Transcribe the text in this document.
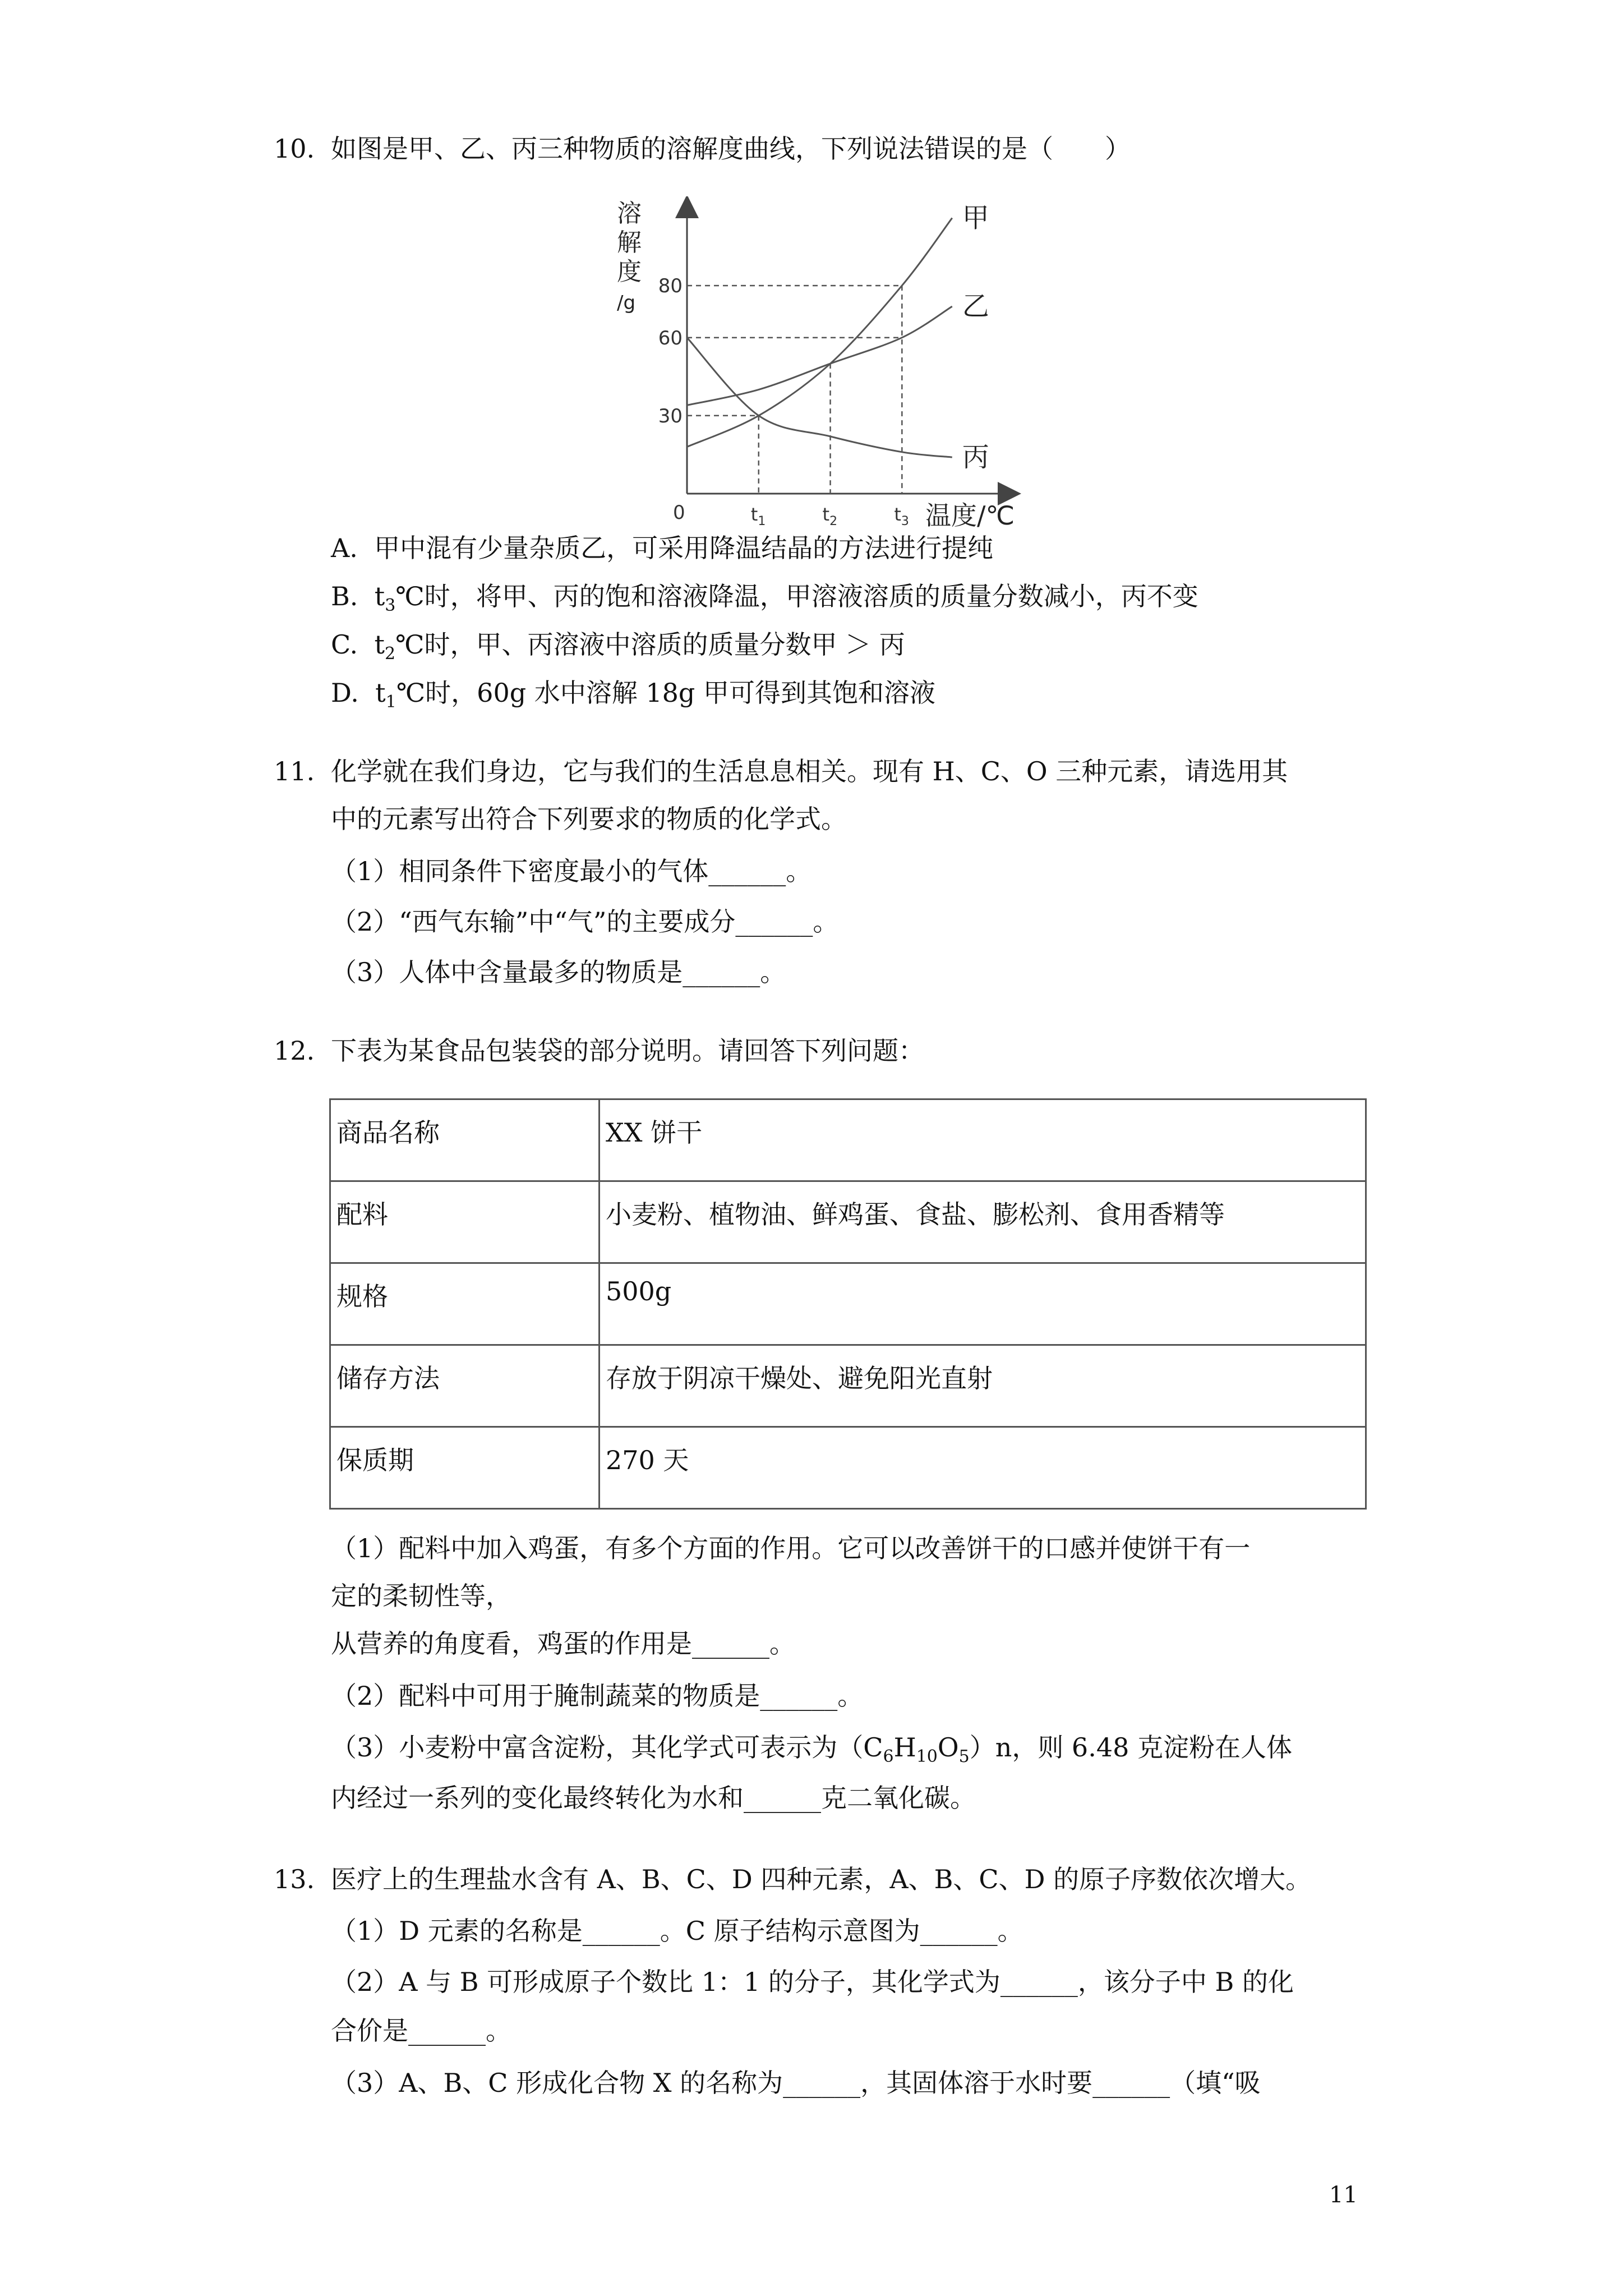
10. 如图是甲、乙、丙三种物质的溶解度曲线，下列说法错误的是（　　）
溶
解
度
/g
甲
乙
丙
30
60
80
$t_1$	$t_2$	$t_3$
0	温度/℃
A. 甲中混有少量杂质乙，可采用降温结晶的方法进行提纯
B. $t_3℃$时，将甲、丙的饱和溶液降温，甲溶液溶质的质量分数减小，丙不变
C. $t_2℃$时，甲、丙溶液中溶质的质量分数甲 ＞ 丙
D. $t_1℃$时，60g 水中溶解 18g 甲可得到其饱和溶液
11. 化学就在我们身边，它与我们的生活息息相关。现有 H、C、O 三种元素，请选用其
中的元素写出符合下列要求的物质的化学式。
（1）相同条件下密度最小的气体______。
（2）“西气东输”中“气”的主要成分______。
（3）人体中含量最多的物质是______。
12. 下表为某食品包装袋的部分说明。请回答下列问题：
商品名称	XX 饼干
配料	小麦粉、植物油、鲜鸡蛋、食盐、膨松剂、食用香精等
规格	500g
储存方法	存放于阴凉干燥处、避免阳光直射
保质期	270 天
（1）配料中加入鸡蛋，有多个方面的作用。它可以改善饼干的口感并使饼干有一
定的柔韧性等，
从营养的角度看，鸡蛋的作用是______。
（2）配料中可用于腌制蔬菜的物质是______。
（3）小麦粉中富含淀粉，其化学式可表示为$(C_6H_{10}O_5)n$，则 6.48 克淀粉在人体
内经过一系列的变化最终转化为水和______克二氧化碳。
13. 医疗上的生理盐水含有 A、B、C、D 四种元素，A、B、C、D 的原子序数依次增大。
（1）D 元素的名称是______。C 原子结构示意图为______。
（2）A 与 B 可形成原子个数比 1：1 的分子，其化学式为______，该分子中 B 的化
合价是______。
（3）A、B、C 形成化合物 X 的名称为______，其固体溶于水时要______（填“吸
11
